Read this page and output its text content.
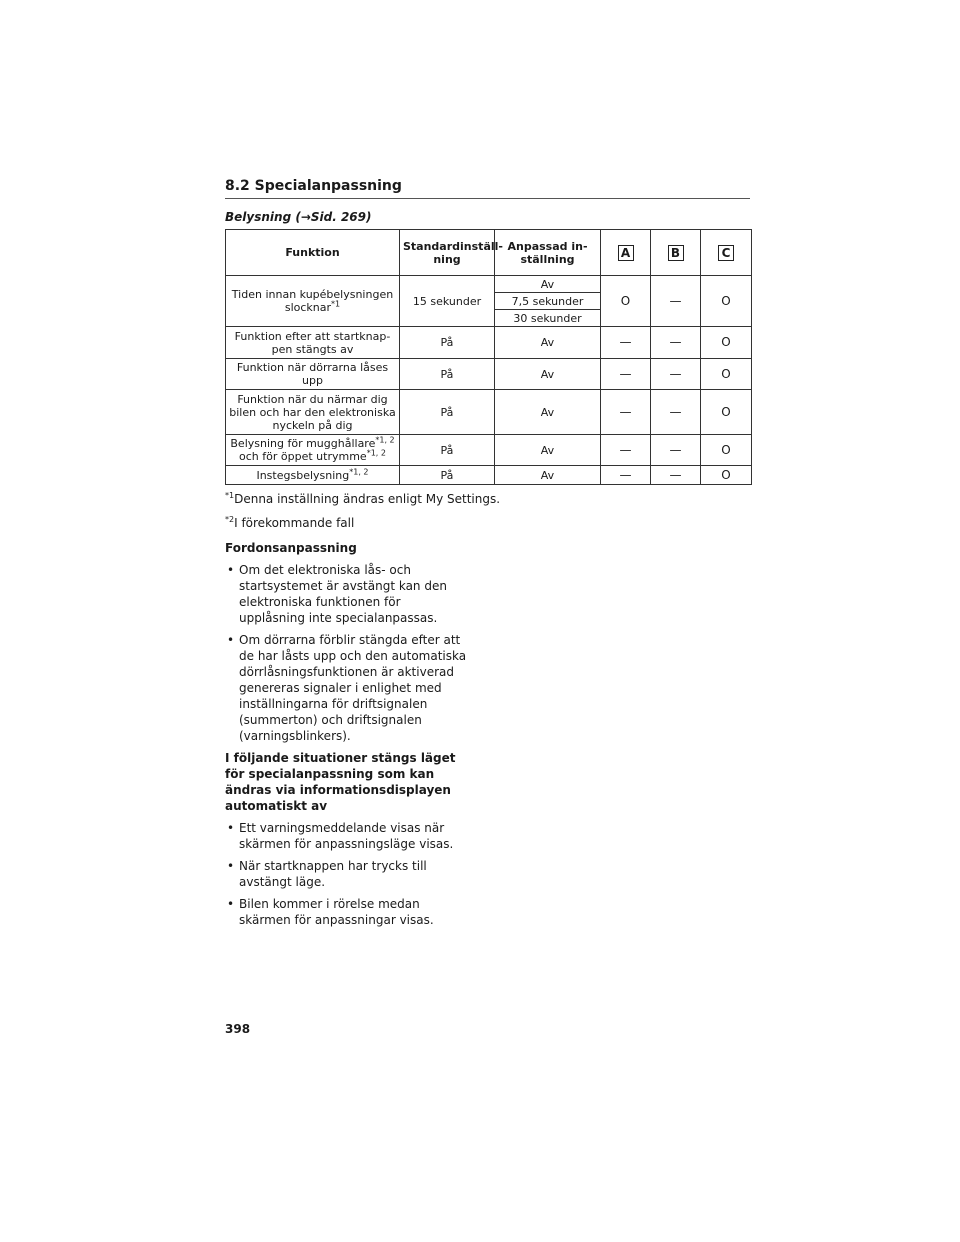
8.2 Specialanpassning
Belysning (→Sid. 269)
Funktion	Standardinställ- ning	Anpassad in- ställning	A	B	C
Tiden innan kupébelysningen slocknar$^{*1}$	15 sekunder	Av	O	—	O
		7,5 sekunder			
		30 sekunder			
Funktion efter att startknap- pen stängts av	På	Av	—	—	O
Funktion när dörrarna låses upp	På	Av	—	—	O
Funktion när du närmar dig bilen och har den elektroniska nyckeln på dig	På	Av	—	—	O
Belysning för mugghållare$^{*1, 2}$
och för öppet utrymme$^{*1, 2}$	På	Av	—	—	O
Instegsbelysning$^{*1, 2}$	På	Av	—	—	O
$^{*1}$Denna inställning ändras enligt My Settings.
$^{*2}$I förekommande fall
Fordonsanpassning
• Om det elektroniska lås- och startsystemet är avstängt kan den elektroniska funktionen för upplåsning inte specialanpassas.
• Om dörrarna förblir stängda efter att de har låsts upp och den automatiska dörrlåsningsfunktionen är aktiverad genereras signaler i enlighet med inställningarna för driftsignalen (summerton) och driftsignalen (varningsblinkers).
I följande situationer stängs läget för specialanpassning som kan ändras via informationsdisplayen automatiskt av
• Ett varningsmeddelande visas när skärmen för anpassningsläge visas.
• När startknappen har trycks till avstängt läge.
• Bilen kommer i rörelse medan skärmen för anpassningar visas.
398
